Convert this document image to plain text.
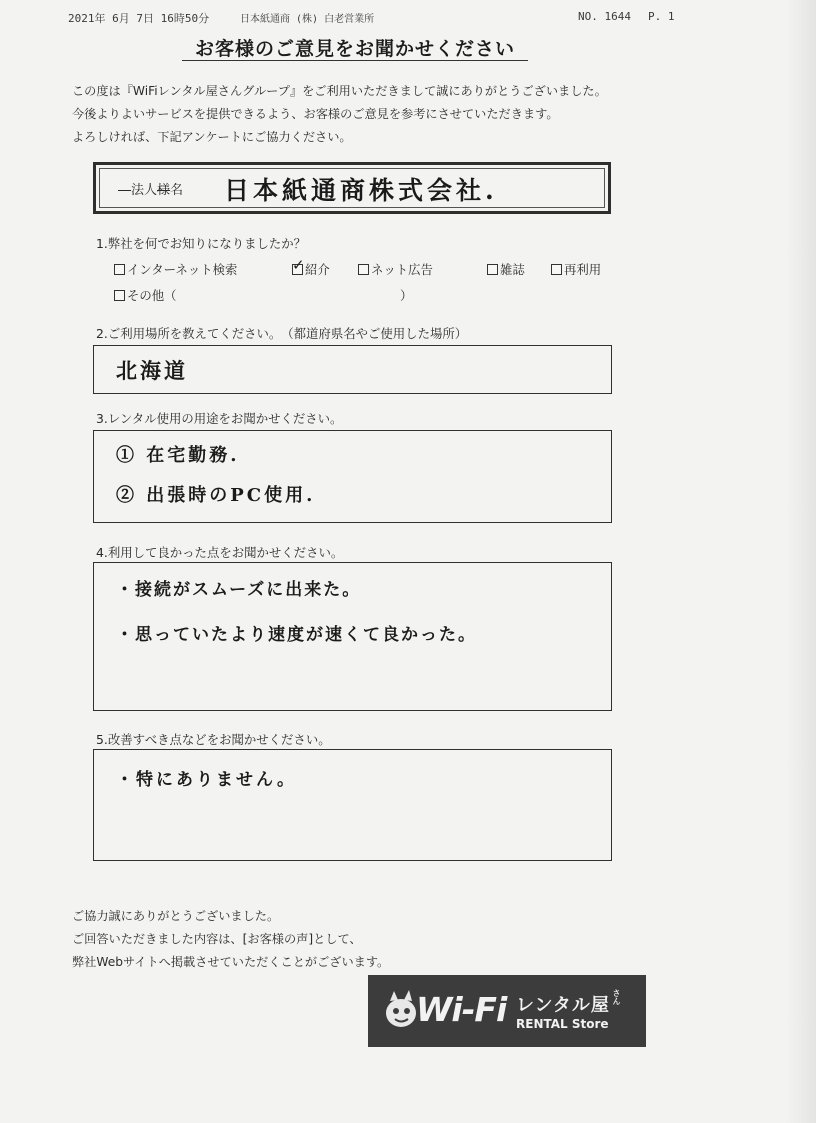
2021年 6月 7日 16時50分	日本紙通商 (株) 白老営業所	NO. 1644 P. 1
お客様のご意見をお聞かせください
この度は『WiFiレンタル屋さんグループ』をご利用いただきまして誠にありがとうございました。
今後よりよいサービスを提供できるよう、お客様のご意見を参考にさせていただきます。
よろしければ、下記アンケートにご協力ください。
　法人様名 日本紙通商株式会社.
1.弊社を何でお知りになりましたか？
インターネット検索	✓ 紹介	ネット広告	雑誌	再利用
その他（	）
2.ご利用場所を教えてください。　（都道府県名やご使用した場所）
北海道
3.レンタル使用の用途をお聞かせください。
① 在宅勤務.
② 出張時のPC使用.
4.利用して良かった点をお聞かせください。
・接続がスムーズに出来た。
・思っていたより速度が速くて良かった。
5.改善すべき点などをお聞かせください。
・特にありません。
ご協力誠にありがとうございました。
ご回答いただきました内容は、[お客様の声]として、
弊社Webサイトへ掲載させていただくことがございます。
Wi-Fi レンタル屋 さん
RENTAL Store
